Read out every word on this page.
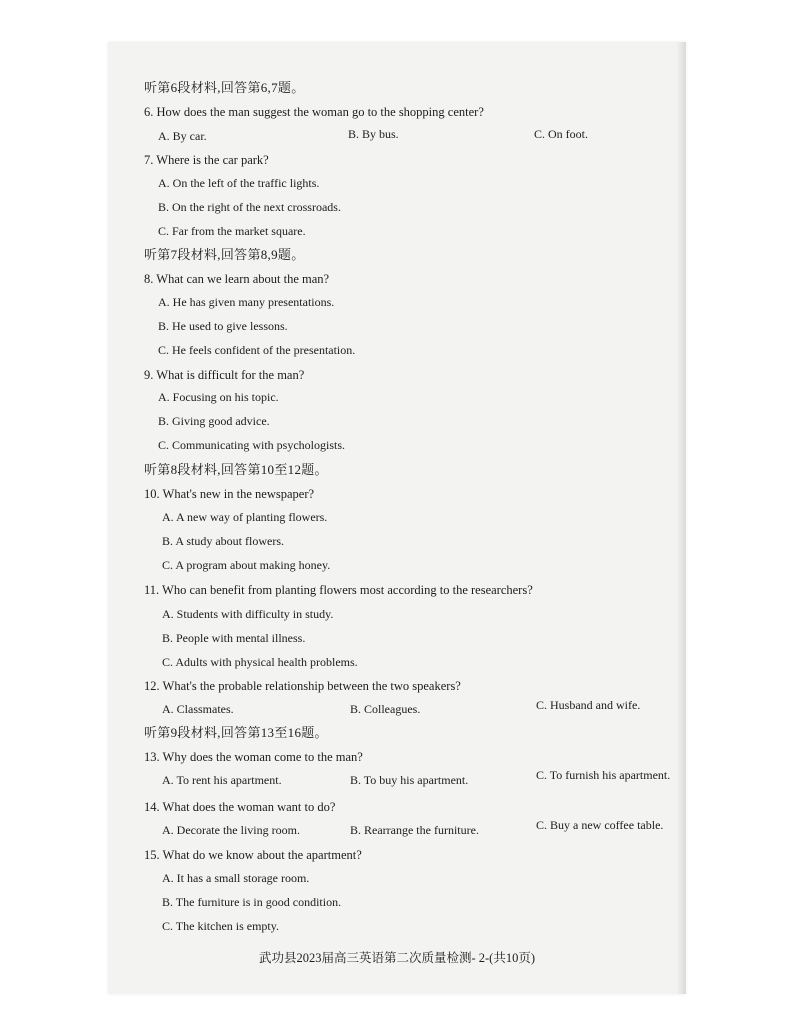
听第6段材料,回答第6,7题。
6. How does the man suggest the woman go to the shopping center?
A. By car.	B. By bus.	C. On foot.
7. Where is the car park?
A. On the left of the traffic lights.
B. On the right of the next crossroads.
C. Far from the market square.
听第7段材料,回答第8,9题。
8. What can we learn about the man?
A. He has given many presentations.
B. He used to give lessons.
C. He feels confident of the presentation.
9. What is difficult for the man?
A. Focusing on his topic.
B. Giving good advice.
C. Communicating with psychologists.
听第8段材料,回答第10至12题。
10. What's new in the newspaper?
A. A new way of planting flowers.
B. A study about flowers.
C. A program about making honey.
11. Who can benefit from planting flowers most according to the researchers?
A. Students with difficulty in study.
B. People with mental illness.
C. Adults with physical health problems.
12. What's the probable relationship between the two speakers?
A. Classmates.	B. Colleagues.	C. Husband and wife.
听第9段材料,回答第13至16题。
13. Why does the woman come to the man?
A. To rent his apartment.	B. To buy his apartment.	C. To furnish his apartment.
14. What does the woman want to do?
A. Decorate the living room.	B. Rearrange the furniture.	C. Buy a new coffee table.
15. What do we know about the apartment?
A. It has a small storage room.
B. The furniture is in good condition.
C. The kitchen is empty.
武功县2023届高三英语第二次质量检测- 2-(共10页)
